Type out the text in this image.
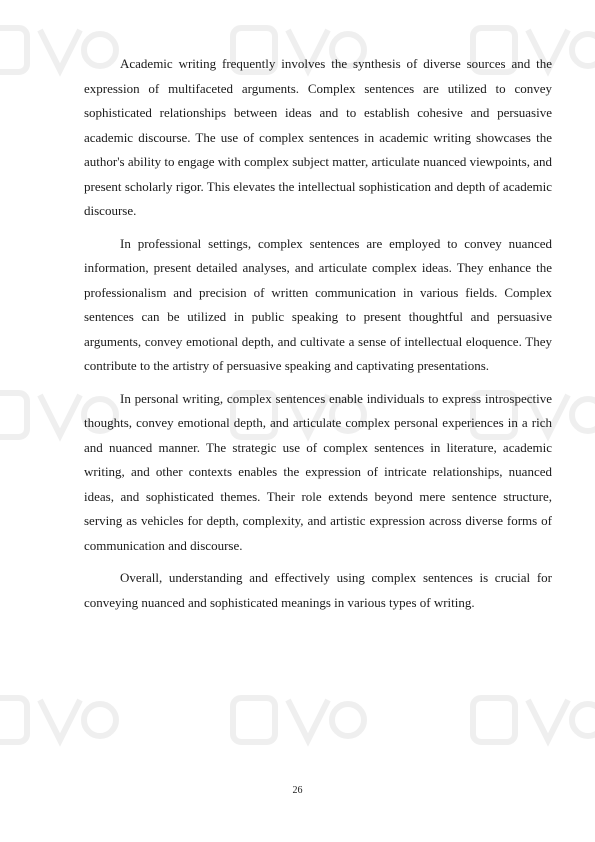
Academic writing frequently involves the synthesis of diverse sources and the expression of multifaceted arguments. Complex sentences are utilized to convey sophisticated relationships between ideas and to establish cohesive and persuasive academic discourse. The use of complex sentences in academic writing showcases the author's ability to engage with complex subject matter, articulate nuanced viewpoints, and present scholarly rigor. This elevates the intellectual sophistication and depth of academic discourse.

In professional settings, complex sentences are employed to convey nuanced information, present detailed analyses, and articulate complex ideas. They enhance the professionalism and precision of written communication in various fields. Complex sentences can be utilized in public speaking to present thoughtful and persuasive arguments, convey emotional depth, and cultivate a sense of intellectual eloquence. They contribute to the artistry of persuasive speaking and captivating presentations.

In personal writing, complex sentences enable individuals to express introspective thoughts, convey emotional depth, and articulate complex personal experiences in a rich and nuanced manner. The strategic use of complex sentences in literature, academic writing, and other contexts enables the expression of intricate relationships, nuanced ideas, and sophisticated themes. Their role extends beyond mere sentence structure, serving as vehicles for depth, complexity, and artistic expression across diverse forms of communication and discourse.

Overall, understanding and effectively using complex sentences is crucial for conveying nuanced and sophisticated meanings in various types of writing.

26
